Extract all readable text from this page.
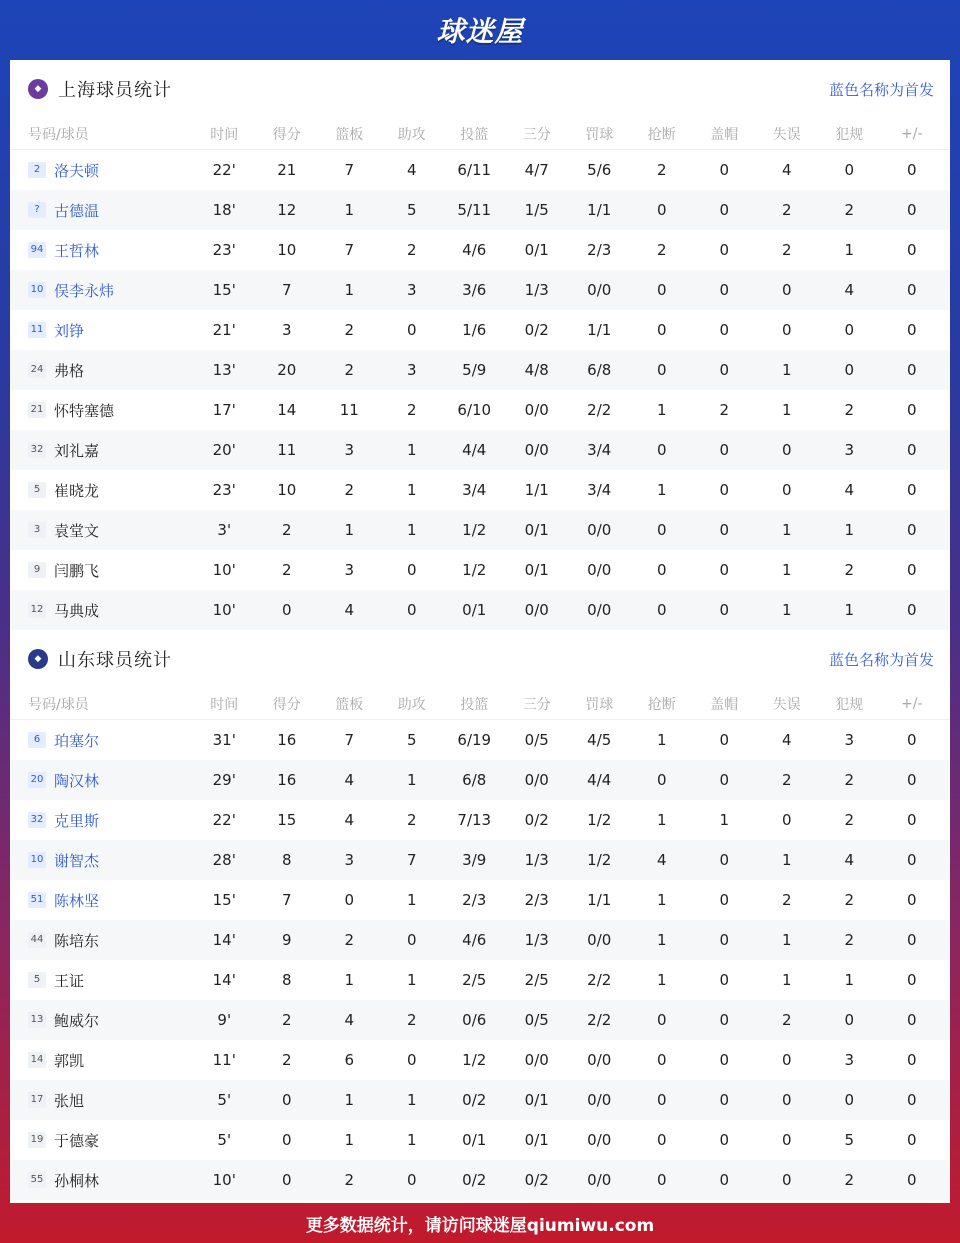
球迷屋
◆ 上海球员统计	蓝色名称为首发
号码/球员	时间	得分	篮板	助攻	投篮	三分	罚球	抢断	盖帽	失误	犯规	+/-
2 洛夫顿	22'	21	7	4	6/11	4/7	5/6	2	0	4	0	0
? 古德温	18'	12	1	5	5/11	1/5	1/1	0	0	2	2	0
94 王哲林	23'	10	7	2	4/6	0/1	2/3	2	0	2	1	0
10 俣李永炜	15'	7	1	3	3/6	1/3	0/0	0	0	0	4	0
11 刘铮	21'	3	2	0	1/6	0/2	1/1	0	0	0	0	0
24 弗格	13'	20	2	3	5/9	4/8	6/8	0	0	1	0	0
21 怀特塞德	17'	14	11	2	6/10	0/0	2/2	1	2	1	2	0
32 刘礼嘉	20'	11	3	1	4/4	0/0	3/4	0	0	0	3	0
5 崔晓龙	23'	10	2	1	3/4	1/1	3/4	1	0	0	4	0
3 袁堂文	3'	2	1	1	1/2	0/1	0/0	0	0	1	1	0
9 闫鹏飞	10'	2	3	0	1/2	0/1	0/0	0	0	1	2	0
12 马典成	10'	0	4	0	0/1	0/0	0/0	0	0	1	1	0
◆ 山东球员统计	蓝色名称为首发
号码/球员	时间	得分	篮板	助攻	投篮	三分	罚球	抢断	盖帽	失误	犯规	+/-
6 珀塞尔	31'	16	7	5	6/19	0/5	4/5	1	0	4	3	0
20 陶汉林	29'	16	4	1	6/8	0/0	4/4	0	0	2	2	0
32 克里斯	22'	15	4	2	7/13	0/2	1/2	1	1	0	2	0
10 谢智杰	28'	8	3	7	3/9	1/3	1/2	4	0	1	4	0
51 陈林坚	15'	7	0	1	2/3	2/3	1/1	1	0	2	2	0
44 陈培东	14'	9	2	0	4/6	1/3	0/0	1	0	1	2	0
5 王证	14'	8	1	1	2/5	2/5	2/2	1	0	1	1	0
13 鲍威尔	9'	2	4	2	0/6	0/5	2/2	0	0	2	0	0
14 郭凯	11'	2	6	0	1/2	0/0	0/0	0	0	0	3	0
17 张旭	5'	0	1	1	0/2	0/1	0/0	0	0	0	0	0
19 于德豪	5'	0	1	1	0/1	0/1	0/0	0	0	0	5	0
55 孙桐林	10'	0	2	0	0/2	0/2	0/0	0	0	0	2	0
更多数据统计，请访问球迷屋qiumiwu.com
